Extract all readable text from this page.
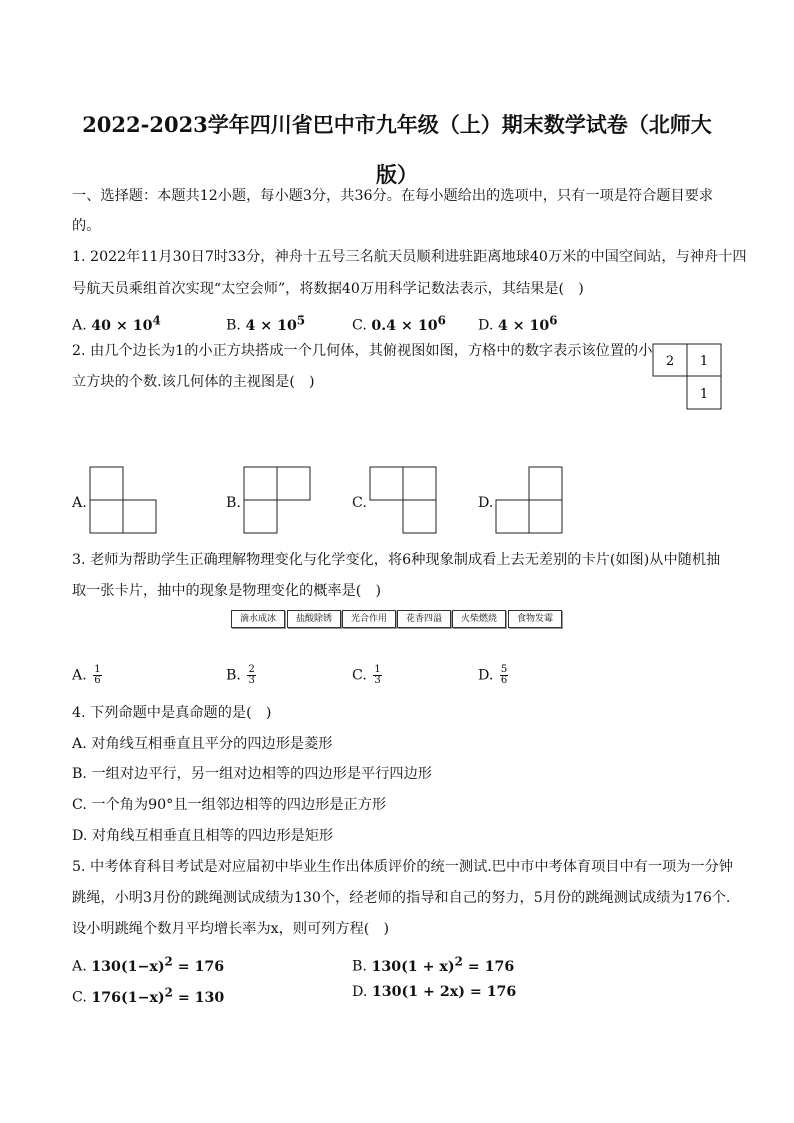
2022-2023学年四川省巴中市九年级（上）期末数学试卷（北师大
版）
一、选择题：本题共12小题，每小题3分，共36分。在每小题给出的选项中，只有一项是符合题目要求
的。
1. 2022年11月30日7时33分，神舟十五号三名航天员顺利进驻距离地球40万米的中国空间站，与神舟十四
号航天员乘组首次实现“太空会师”，将数据40万用科学记数法表示，其结果是(　)
A. $40 \times 10^4$	B. $4 \times 10^5$	C. $0.4 \times 10^6$ D. $4 \times 10^6$
2. 由几个边长为1的小正方块搭成一个几何体，其俯视图如图，方格中的数字表示该位置的小
立方块的个数.该几何体的主视图是(　)
2 1
1
A.	B.	C.	D.
3. 老师为帮助学生正确理解物理变化与化学变化，将6种现象制成看上去无差别的卡片(如图)从中随机抽
取一张卡片，抽中的现象是物理变化的概率是(　)
滴水成冰	盐酸除锈	光合作用	花香四溢	火柴燃烧	食物发霉
A. $\frac{1}{6}$	B. $\frac{2}{3}$	C. $\frac{1}{3}$	D. $\frac{5}{6}$
4. 下列命题中是真命题的是(　)
A. 对角线互相垂直且平分的四边形是菱形
B. 一组对边平行，另一组对边相等的四边形是平行四边形
C. 一个角为90°且一组邻边相等的四边形是正方形
D. 对角线互相垂直且相等的四边形是矩形
5. 中考体育科目考试是对应届初中毕业生作出体质评价的统一测试.巴中市中考体育项目中有一项为一分钟
跳绳，小明3月份的跳绳测试成绩为130个，经老师的指导和自己的努力，5月份的跳绳测试成绩为176个.
设小明跳绳个数月平均增长率为x，则可列方程(　)
A. $130(1-x)^2 = 176$	B. $130(1 + x)^2 = 176$
C. $176(1-x)^2 = 130$	D. 130(1 + 2x) = 176
